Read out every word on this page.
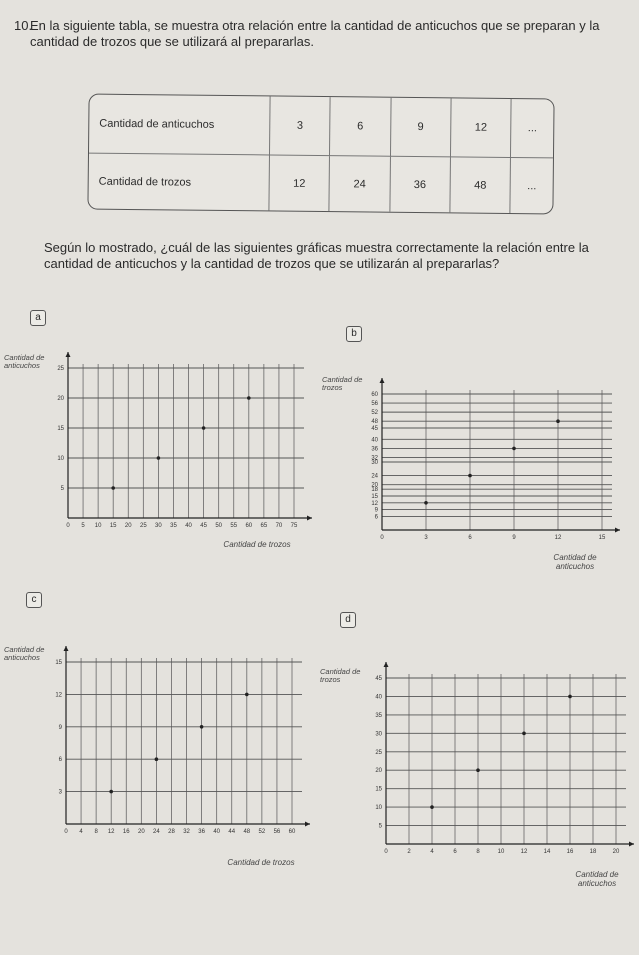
10.
En la siguiente tabla, se muestra otra relación entre la cantidad de anticuchos que se preparan y la cantidad de trozos que se utilizará al prepararlas.
Cantidad de anticuchos	3	6	9	12	...
Cantidad de trozos	12	24	36	48	...
Según lo mostrado, ¿cuál de las siguientes gráficas muestra correctamente la relación entre la cantidad de anticuchos y la cantidad de trozos que se utilizarán al prepararlas?
a
Cantidad de anticuchos
0 5 10 15 20 25 30 35 40 45 50 55 60 65 70 75
5
10
15
20
25
Cantidad de trozos
b
Cantidad de trozos
0	3	6	9	12	15
6
9
12
15
18
20
24
30
32
36
40
45
48
52
56
60
Cantidad de anticuchos
c
Cantidad de anticuchos
0 4 8 12 16 20 24 28 32 36 40 44 48 52 56 60
3
6
9
12
15
Cantidad de trozos
d
Cantidad de trozos
0	2	4	6	8	10	12	14	16	18	20
5
10
15
20
25
30
35
40
45
Cantidad de anticuchos
